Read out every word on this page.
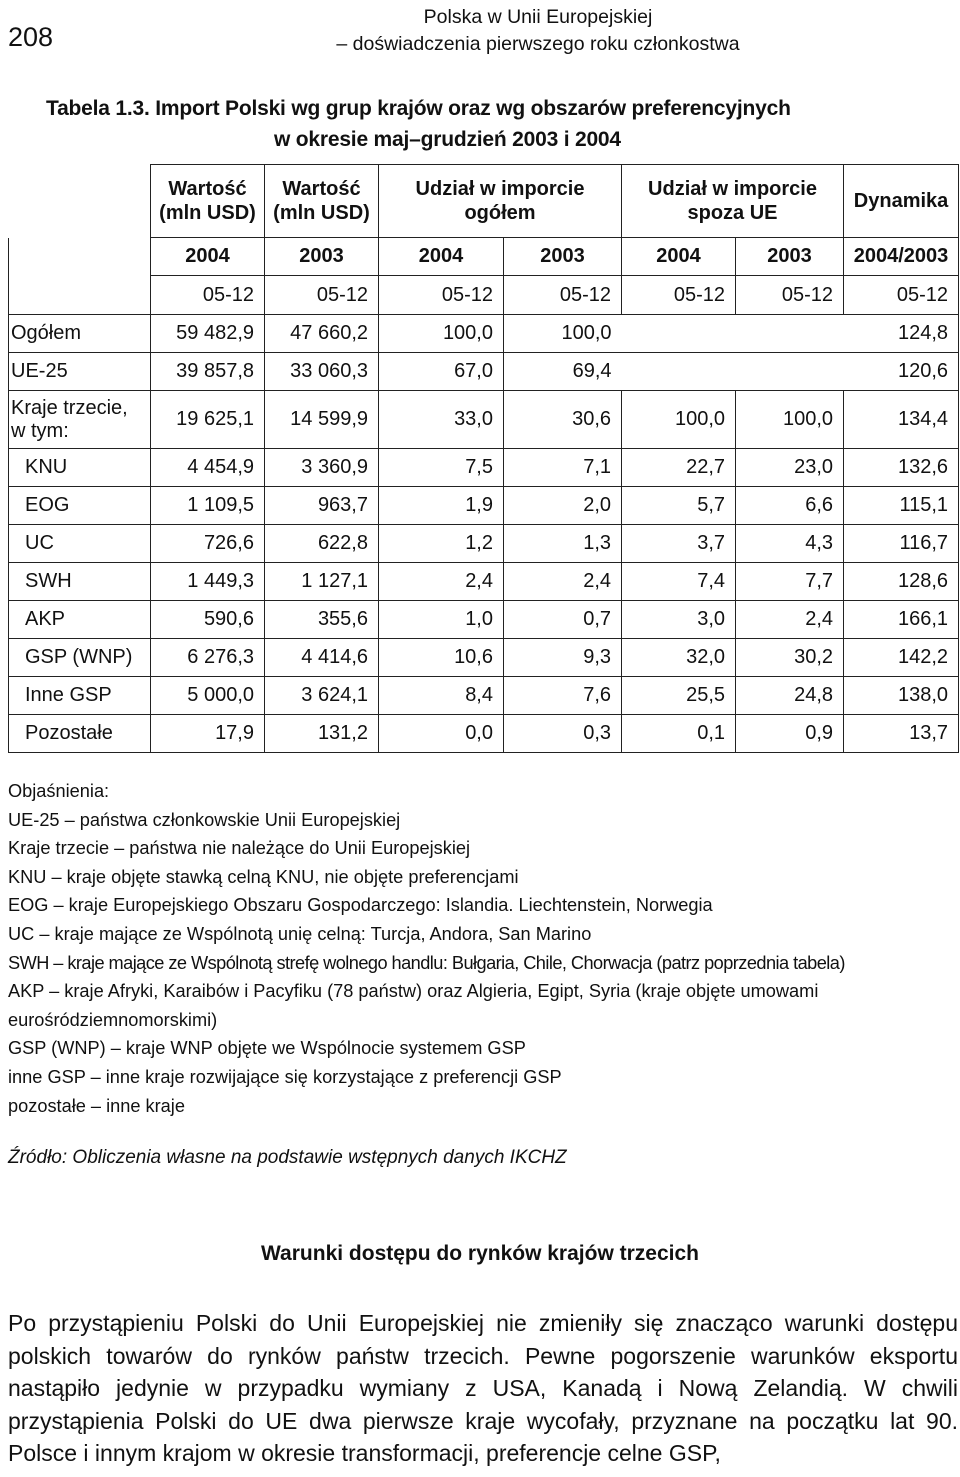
208
Polska w Unii Europejskiej
– doświadczenia pierwszego roku członkostwa
Tabela 1.3. Import Polski wg grup krajów oraz wg obszarów preferencyjnych
w okresie maj–grudzień 2003 i 2004
	Wartość (mln USD)	Wartość (mln USD)	Udział w imporcie ogółem		Udział w imporcie spoza UE		Dynamika
	2004	2003	2004	2003	2004	2003	2004/2003
	05-12	05-12	05-12	05-12	05-12	05-12	05-12
Ogółem	59 482,9	47 660,2	100,0	100,0			124,8
UE-25	39 857,8	33 060,3	67,0	69,4			120,6
Kraje trzecie, w tym:	19 625,1	14 599,9	33,0	30,6	100,0	100,0	134,4
KNU	4 454,9	3 360,9	7,5	7,1	22,7	23,0	132,6
EOG	1 109,5	963,7	1,9	2,0	5,7	6,6	115,1
UC	726,6	622,8	1,2	1,3	3,7	4,3	116,7
SWH	1 449,3	1 127,1	2,4	2,4	7,4	7,7	128,6
AKP	590,6	355,6	1,0	0,7	3,0	2,4	166,1
GSP (WNP)	6 276,3	4 414,6	10,6	9,3	32,0	30,2	142,2
Inne GSP	5 000,0	3 624,1	8,4	7,6	25,5	24,8	138,0
Pozostałe	17,9	131,2	0,0	0,3	0,1	0,9	13,7
Objaśnienia:
UE-25 – państwa członkowskie Unii Europejskiej
Kraje trzecie – państwa nie należące do Unii Europejskiej
KNU – kraje objęte stawką celną KNU, nie objęte preferencjami
EOG – kraje Europejskiego Obszaru Gospodarczego: Islandia. Liechtenstein, Norwegia
UC – kraje mające ze Wspólnotą unię celną: Turcja, Andora, San Marino
SWH – kraje mające ze Wspólnotą strefę wolnego handlu: Bułgaria, Chile, Chorwacja (patrz poprzednia tabela)
AKP – kraje Afryki, Karaibów i Pacyfiku (78 państw) oraz Algieria, Egipt, Syria (kraje objęte umowami eurośródziemnomorskimi)
GSP (WNP) – kraje WNP objęte we Wspólnocie systemem GSP
inne GSP – inne kraje rozwijające się korzystające z preferencji GSP
pozostałe – inne kraje
Źródło: Obliczenia własne na podstawie wstępnych danych IKCHZ
Warunki dostępu do rynków krajów trzecich
Po przystąpieniu Polski do Unii Europejskiej nie zmieniły się znacząco warunki dostępu polskich towarów do rynków państw trzecich. Pewne pogorszenie warunków eksportu nastąpiło jedynie w przypadku wymiany z USA, Kanadą i Nową Zelandią. W chwili przystąpienia Polski do UE dwa pierwsze kraje wycofały, przyznane na początku lat 90. Polsce i innym krajom w okresie transformacji, preferencje celne GSP,
